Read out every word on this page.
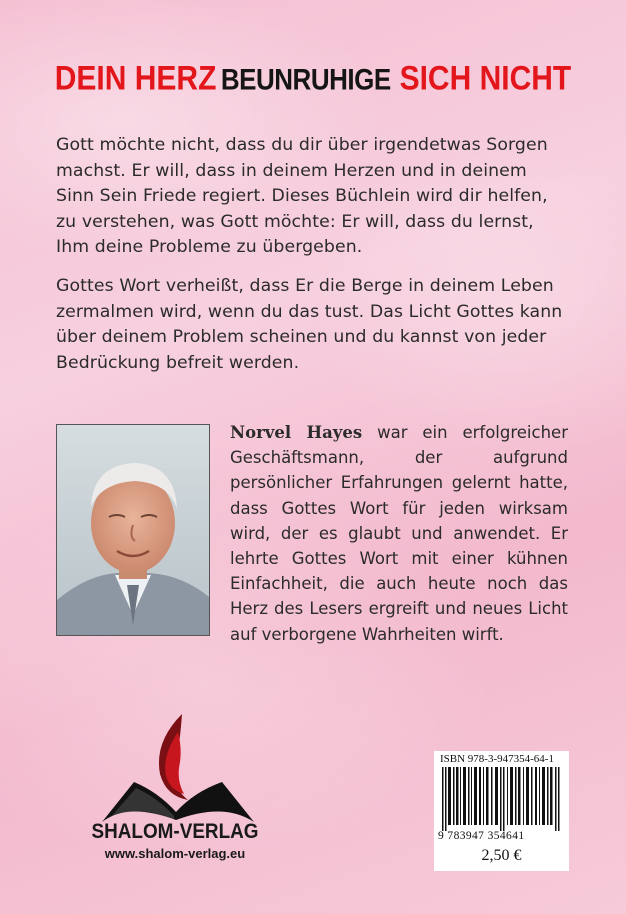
DEIN HERZ BEUNRUHIGE SICH NICHT

Gott möchte nicht, dass du dir über irgendetwas Sorgen machst. Er will, dass in deinem Herzen und in deinem Sinn Sein Friede regiert. Dieses Büchlein wird dir helfen, zu verstehen, was Gott möchte: Er will, dass du lernst, Ihm deine Probleme zu übergeben.

Gottes Wort verheißt, dass Er die Berge in deinem Leben zermalmen wird, wenn du das tust. Das Licht Gottes kann über deinem Problem scheinen und du kannst von jeder Bedrückung befreit werden.

Norvel Hayes war ein erfolgreicher Geschäftsmann, der aufgrund persönlicher Erfahrungen gelernt hatte, dass Gottes Wort für jeden wirksam wird, der es glaubt und anwendet. Er lehrte Gottes Wort mit einer kühnen Einfachheit, die auch heute noch das Herz des Lesers ergreift und neues Licht auf verborgene Wahrheiten wirft.

SHALOM-VERLAG
www.shalom-verlag.eu
ISBN 978-3-947354-64-1
9 783947 354641
2,50 €
